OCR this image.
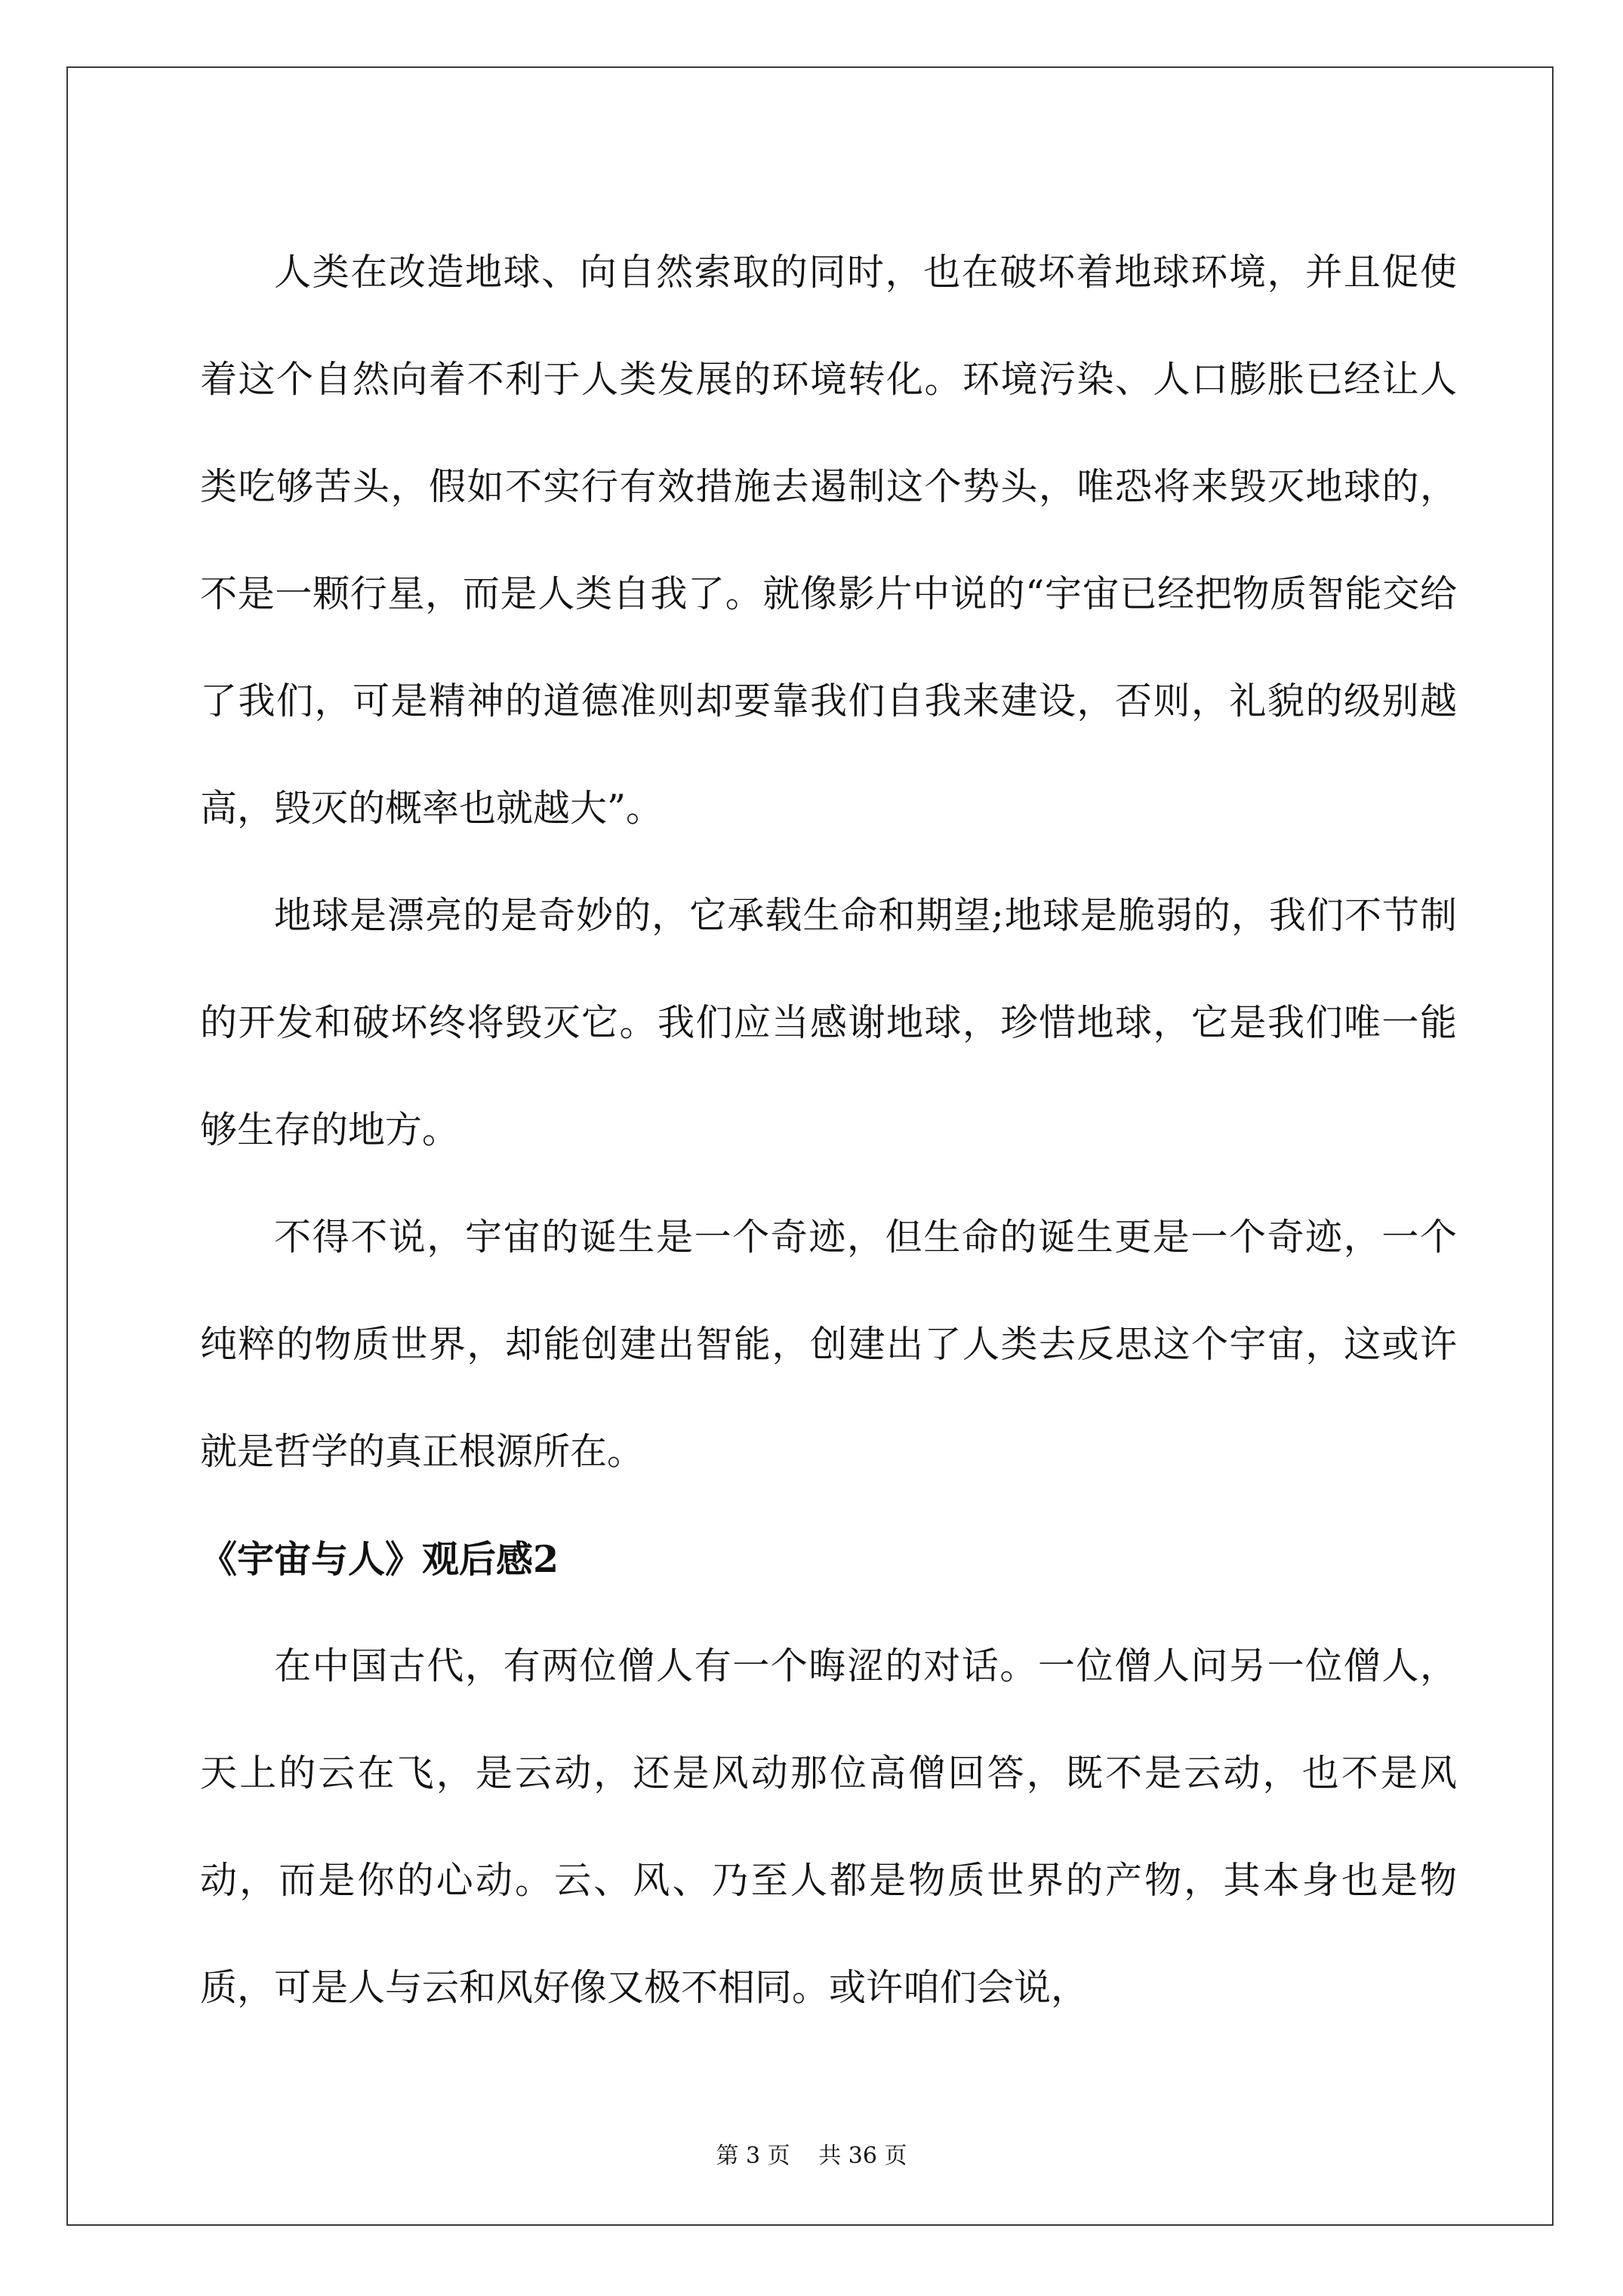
人类在改造地球、向自然索取的同时，也在破坏着地球环境，并且促使着这个自然向着不利于人类发展的环境转化。环境污染、人口膨胀已经让人类吃够苦头，假如不实行有效措施去遏制这个势头，唯恐将来毁灭地球的，不是一颗行星，而是人类自我了。就像影片中说的“宇宙已经把物质智能交给了我们，可是精神的道德准则却要靠我们自我来建设，否则，礼貌的级别越高，毁灭的概率也就越大”。

地球是漂亮的是奇妙的，它承载生命和期望;地球是脆弱的，我们不节制的开发和破坏终将毁灭它。我们应当感谢地球，珍惜地球，它是我们唯一能够生存的地方。

不得不说，宇宙的诞生是一个奇迹，但生命的诞生更是一个奇迹，一个纯粹的物质世界，却能创建出智能，创建出了人类去反思这个宇宙，这或许就是哲学的真正根源所在。

《宇宙与人》观后感2

在中国古代，有两位僧人有一个晦涩的对话。一位僧人问另一位僧人，天上的云在飞，是云动，还是风动那位高僧回答，既不是云动，也不是风动，而是你的心动。云、风、乃至人都是物质世界的产物，其本身也是物质，可是人与云和风好像又极不相同。或许咱们会说，

第 3 页 共 36 页
